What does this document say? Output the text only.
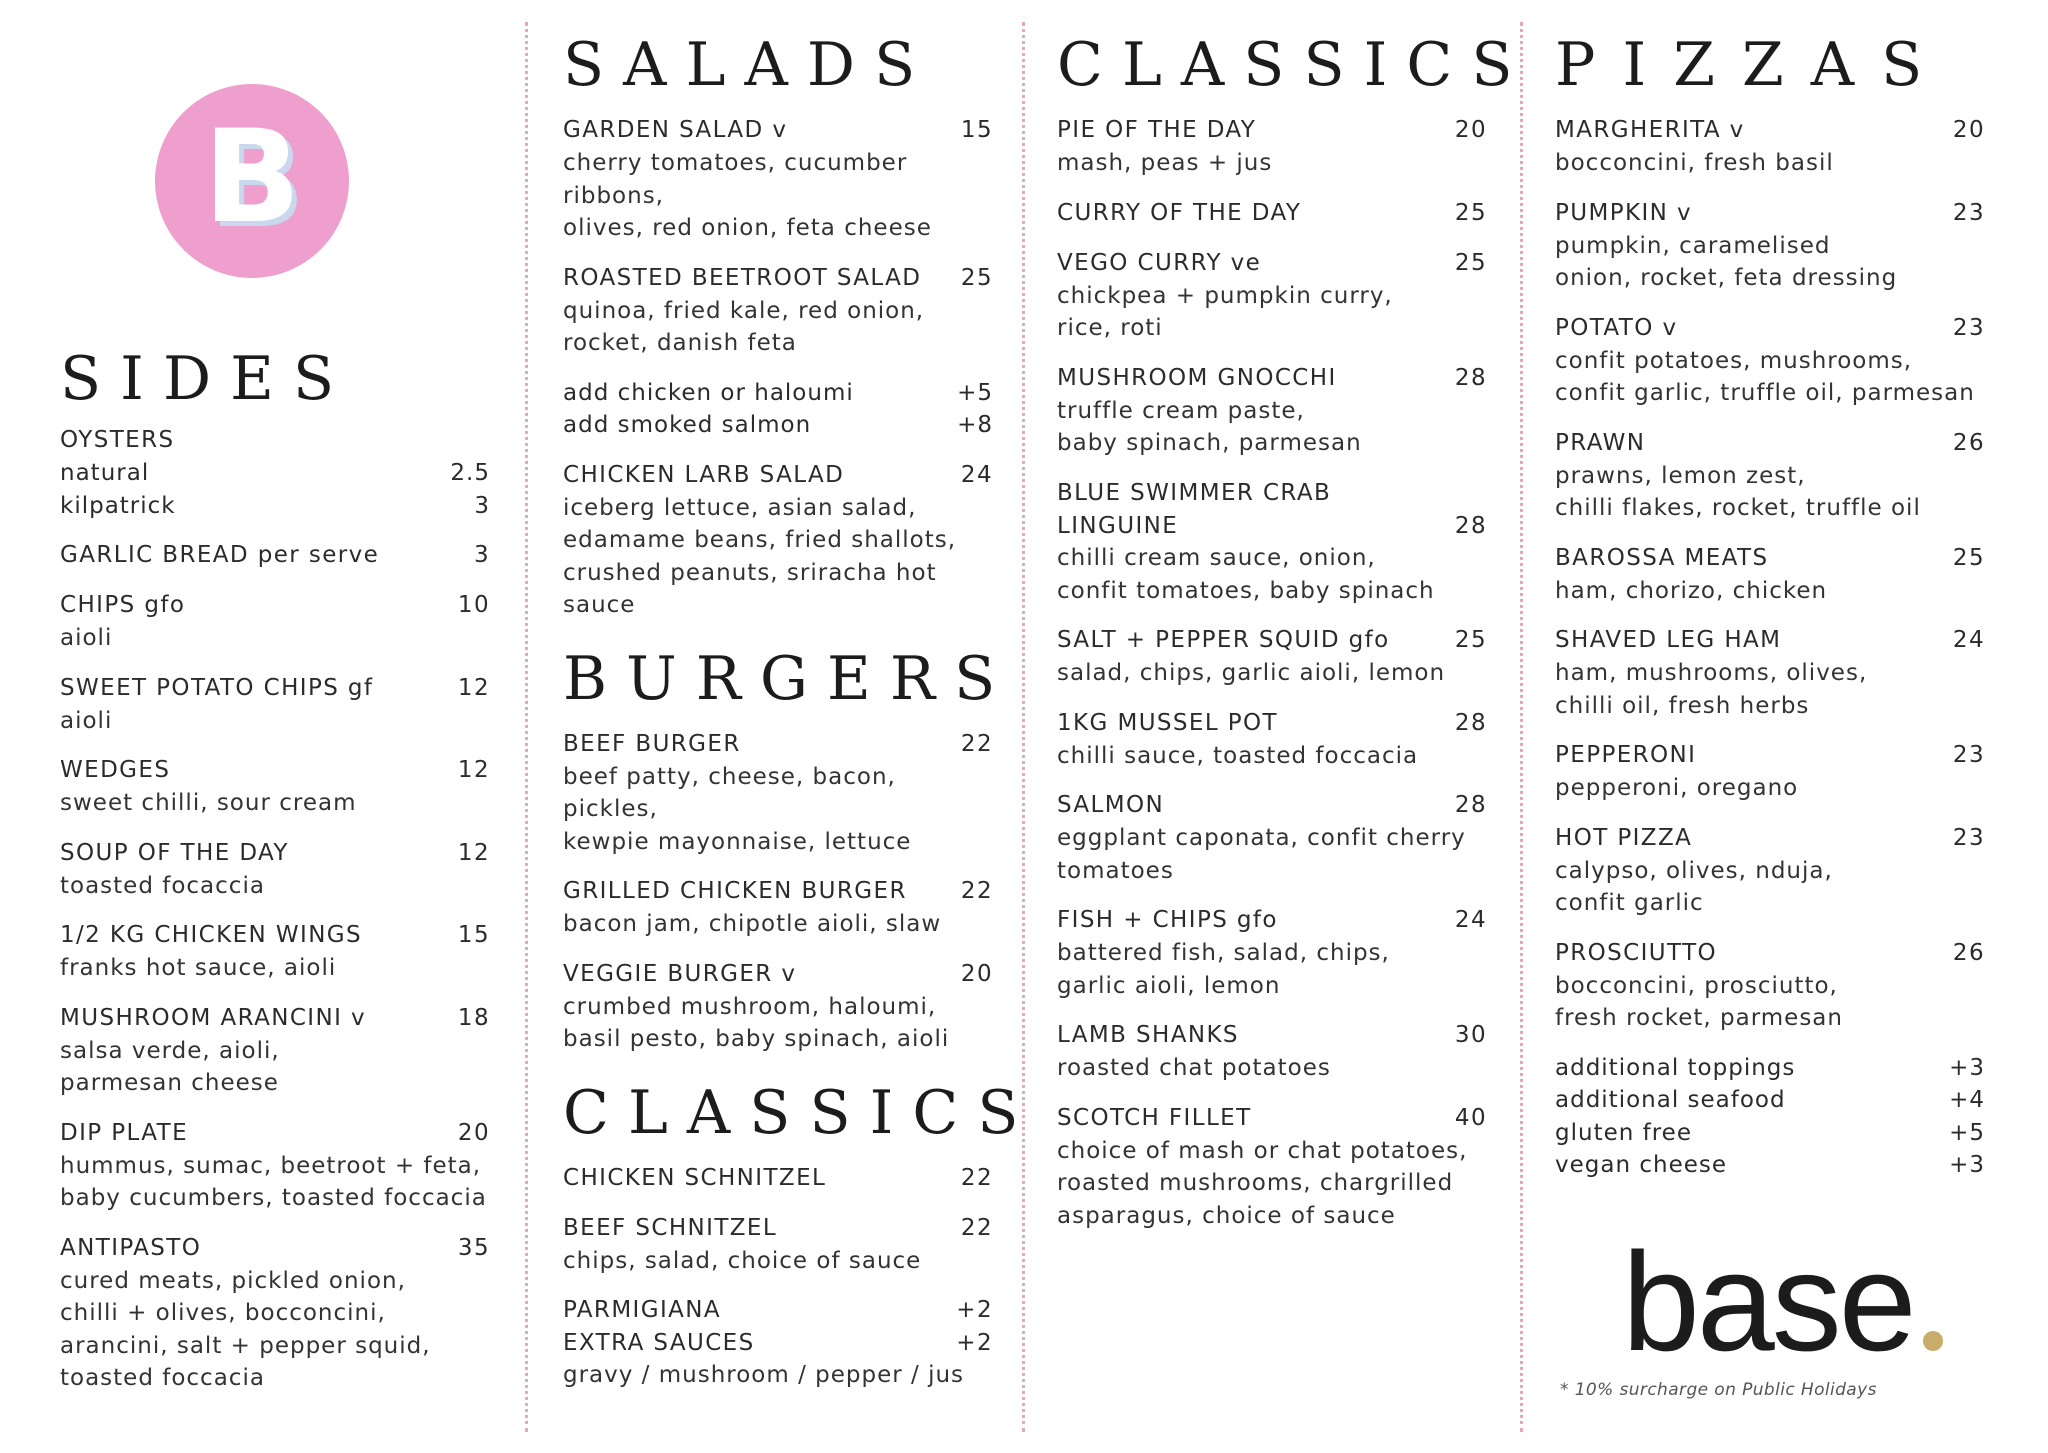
B
S I D E S
OYSTERS
natural	2.5
kilpatrick	3
GARLIC BREAD per serve	3
CHIPS gfo	10
aioli
SWEET POTATO CHIPS gf	12
aioli
WEDGES	12
sweet chilli, sour cream
SOUP OF THE DAY	12
toasted focaccia
1/2 KG CHICKEN WINGS	15
franks hot sauce, aioli
MUSHROOM ARANCINI v	18
salsa verde, aioli,
parmesan cheese
DIP PLATE	20
hummus, sumac, beetroot + feta,
baby cucumbers, toasted foccacia
ANTIPASTO	35
cured meats, pickled onion,
chilli + olives, bocconcini,
arancini, salt + pepper squid,
toasted foccacia
S A L A D S
GARDEN SALAD v	15
cherry tomatoes, cucumber ribbons,
olives, red onion, feta cheese
ROASTED BEETROOT SALAD 25
quinoa, fried kale, red onion,
rocket, danish feta
add chicken or haloumi	+5
add smoked salmon	+8
CHICKEN LARB SALAD	24
iceberg lettuce, asian salad,
edamame beans, fried shallots,
crushed peanuts, sriracha hot sauce
B U R G E R S
BEEF BURGER	22
beef patty, cheese, bacon, pickles,
kewpie mayonnaise, lettuce
GRILLED CHICKEN BURGER 22
bacon jam, chipotle aioli, slaw
VEGGIE BURGER v	20
crumbed mushroom, haloumi,
basil pesto, baby spinach, aioli
C L A S S I C S
CHICKEN SCHNITZEL	22
BEEF SCHNITZEL	22
chips, salad, choice of sauce
PARMIGIANA	+2
EXTRA SAUCES	+2
gravy / mushroom / pepper / jus
C L A S S I C S
PIE OF THE DAY	20
mash, peas + jus
CURRY OF THE DAY	25
VEGO CURRY ve	25
chickpea + pumpkin curry,
rice, roti
MUSHROOM GNOCCHI	28
truffle cream paste,
baby spinach, parmesan
BLUE SWIMMER CRAB
LINGUINE	28
chilli cream sauce, onion,
confit tomatoes, baby spinach
SALT + PEPPER SQUID gfo	25
salad, chips, garlic aioli, lemon
1KG MUSSEL POT	28
chilli sauce, toasted foccacia
SALMON	28
eggplant caponata, confit cherry
tomatoes
FISH + CHIPS gfo	24
battered fish, salad, chips,
garlic aioli, lemon
LAMB SHANKS	30
roasted chat potatoes
SCOTCH FILLET	40
choice of mash or chat potatoes,
roasted mushrooms, chargrilled
asparagus, choice of sauce
P I Z Z A S
MARGHERITA v	20
bocconcini, fresh basil
PUMPKIN v	23
pumpkin, caramelised
onion, rocket, feta dressing
POTATO v	23
confit potatoes, mushrooms,
confit garlic, truffle oil, parmesan
PRAWN	26
prawns, lemon zest,
chilli flakes, rocket, truffle oil
BAROSSA MEATS	25
ham, chorizo, chicken
SHAVED LEG HAM	24
ham, mushrooms, olives,
chilli oil, fresh herbs
PEPPERONI	23
pepperoni, oregano
HOT PIZZA	23
calypso, olives, nduja,
confit garlic
PROSCIUTTO	26
bocconcini, prosciutto,
fresh rocket, parmesan
additional toppings	+3
additional seafood	+4
gluten free	+5
vegan cheese	+3
base
* 10% surcharge on Public Holidays
